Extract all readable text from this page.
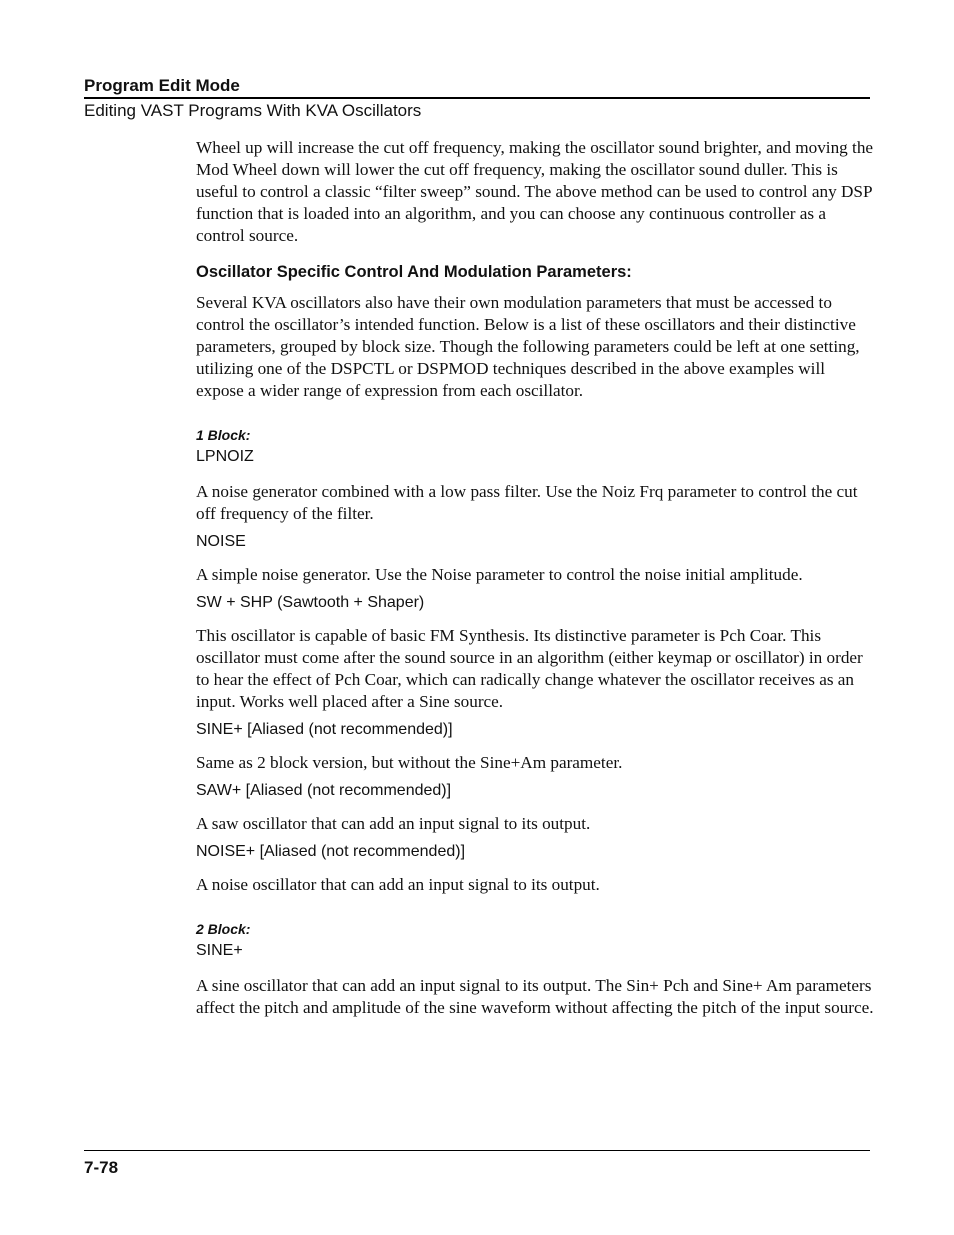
Program Edit Mode
Editing VAST Programs With KVA Oscillators

Wheel up will increase the cut off frequency, making the oscillator sound brighter, and moving the Mod Wheel down will lower the cut off frequency, making the oscillator sound duller. This is useful to control a classic “filter sweep” sound. The above method can be used to control any DSP function that is loaded into an algorithm, and you can choose any continuous controller as a control source.

Oscillator Specific Control And Modulation Parameters:

Several KVA oscillators also have their own modulation parameters that must be accessed to control the oscillator’s intended function. Below is a list of these oscillators and their distinctive parameters, grouped by block size. Though the following parameters could be left at one setting, utilizing one of the DSPCTL or DSPMOD techniques described in the above examples will expose a wider range of expression from each oscillator.

1 Block:

LPNOIZ

A noise generator combined with a low pass filter. Use the Noiz Frq parameter to control the cut off frequency of the filter.

NOISE

A simple noise generator. Use the Noise parameter to control the noise initial amplitude.

SW + SHP (Sawtooth + Shaper)

This oscillator is capable of basic FM Synthesis. Its distinctive parameter is Pch Coar. This oscillator must come after the sound source in an algorithm (either keymap or oscillator) in order to hear the effect of Pch Coar, which can radically change whatever the oscillator receives as an input. Works well placed after a Sine source.

SINE+ [Aliased (not recommended)]

Same as 2 block version, but without the Sine+Am parameter.

SAW+ [Aliased (not recommended)]

A saw oscillator that can add an input signal to its output.

NOISE+ [Aliased (not recommended)]

A noise oscillator that can add an input signal to its output.

2 Block:

SINE+

A sine oscillator that can add an input signal to its output. The Sin+ Pch and Sine+ Am parameters affect the pitch and amplitude of the sine waveform without affecting the pitch of the input source.

7-78
